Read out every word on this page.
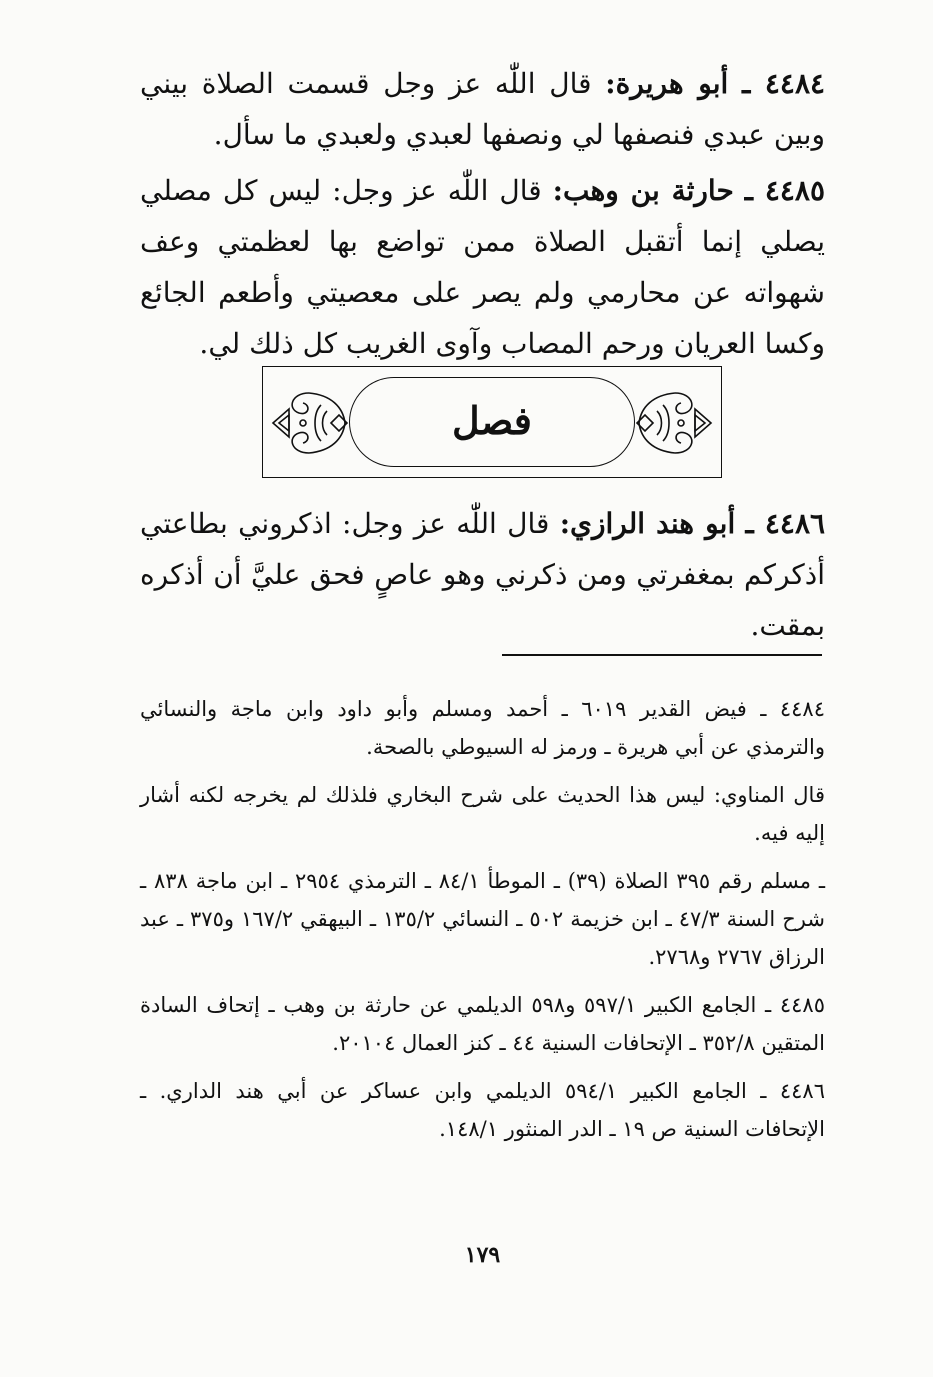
٤٤٨٤ ـ أبو هريرة: قال اللّٰه عز وجل قسمت الصلاة بيني وبين عبدي فنصفها لي ونصفها لعبدي ولعبدي ما سأل.

٤٤٨٥ ـ حارثة بن وهب: قال اللّٰه عز وجل: ليس كل مصلي يصلي إنما أتقبل الصلاة ممن تواضع بها لعظمتي وعف شهواته عن محارمي ولم يصر على معصيتي وأطعم الجائع وكسا العريان ورحم المصاب وآوى الغريب كل ذلك لي.

فصل

٤٤٨٦ ـ أبو هند الرازي: قال اللّٰه عز وجل: اذكروني بطاعتي أذكركم بمغفرتي ومن ذكرني وهو عاصٍ فحق عليَّ أن أذكره بمقت.

٤٤٨٤ ـ فيض القدير ٦٠١٩ ـ أحمد ومسلم وأبو داود وابن ماجة والنسائي والترمذي عن أبي هريرة ـ ورمز له السيوطي بالصحة.

قال المناوي: ليس هذا الحديث على شرح البخاري فلذلك لم يخرجه لكنه أشار إليه فيه.

ـ مسلم رقم ٣٩٥ الصلاة (٣٩) ـ الموطأ ٨٤/١ ـ الترمذي ٢٩٥٤ ـ ابن ماجة ٨٣٨ ـ شرح السنة ٤٧/٣ ـ ابن خزيمة ٥٠٢ ـ النسائي ١٣٥/٢ ـ البيهقي ١٦٧/٢ و٣٧٥ ـ عبد الرزاق ٢٧٦٧ و٢٧٦٨.

٤٤٨٥ ـ الجامع الكبير ٥٩٧/١ و٥٩٨ الديلمي عن حارثة بن وهب ـ إتحاف السادة المتقين ٣٥٢/٨ ـ الإتحافات السنية ٤٤ ـ كنز العمال ٢٠١٠٤.

٤٤٨٦ ـ الجامع الكبير ٥٩٤/١ الديلمي وابن عساكر عن أبي هند الداري. ـ الإتحافات السنية ص ١٩ ـ الدر المنثور ١٤٨/١.

١٧٩
